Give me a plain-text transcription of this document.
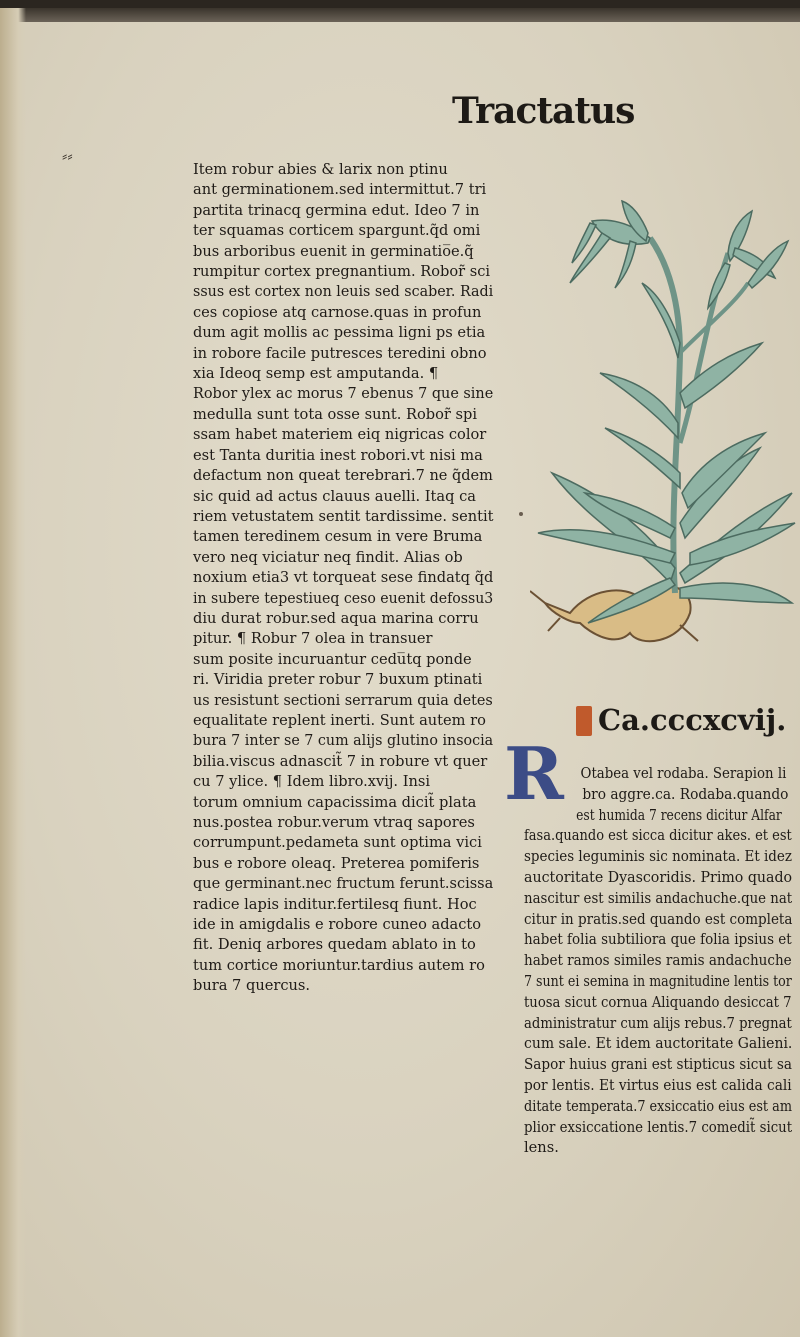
Tractatus
⸗⸗
Item robur abies & larix non ptinu
ant germinationem.sed intermittut.7 tri
partita trinacq germina edut. Ideo 7 in
ter squamas corticem spargunt.q̃d omi
bus arboribus euenit in germinatio̅e.q̃
rumpitur cortex pregnantium. Robor̃ sci
ssus est cortex non leuis sed scaber. Radi
ces copiose atq carnose.quas in profun
dum agit mollis ac pessima ligni ps etia
in robore facile putresces teredini obno
xia Ideoq semp est amputanda. ¶
Robor ylex ac morus 7 ebenus 7 que sine
medulla sunt tota osse sunt. Robor̃ spi
ssam habet materiem eiq nigricas color
est Tanta duritia inest robori.vt nisi ma
defactum non queat terebrari.7 ne q̃dem
sic quid ad actus clauus auelli. Itaq ca
riem vetustatem sentit tardissime. sentit
tamen teredinem cesum in vere Bruma
vero neq viciatur neq findit. Alias ob
noxium etia3 vt torqueat sese findatq q̃d
in subere tepestiueq ceso euenit defossu3
diu durat robur.sed aqua marina corru
pitur. ¶ Robur 7 olea in transuer
sum posite incuruantur cedu̅tq ponde
ri. Viridia preter robur 7 buxum ptinati
us resistunt sectioni serrarum quia detes
equalitate replent inerti. Sunt autem ro
bura 7 inter se 7 cum alijs glutino insocia
bilia.viscus adnascit̃ 7 in robure vt quer
cu 7 ylice. ¶ Idem libro.xvij. Insi
torum omnium capacissima dicit̃ plata
nus.postea robur.verum vtraq sapores
corrumpunt.pedameta sunt optima vici
bus e robore oleaq. Preterea pomiferis
que germinant.nec fructum ferunt.scissa
radice lapis inditur.fertilesq fiunt. Hoc
ide in amigdalis e robore cuneo adacto
fit. Deniq arbores quedam ablato in to
tum cortice moriuntur.tardius autem ro
bura 7 quercus.
Ca.cccxcvij.
R	Otabea vel rodaba. Serapion li
bro aggre.ca. Rodaba.quando
est humida 7 recens dicitur Alfar
fasa.quando est sicca dicitur akes. et est
species leguminis sic nominata. Et idez
auctoritate Dyascoridis. Primo quado
nascitur est similis andachuche.que nat
citur in pratis.sed quando est completa
habet folia subtiliora que folia ipsius et
habet ramos similes ramis andachuche
7 sunt ei semina in magnitudine lentis tor
tuosa sicut cornua Aliquando desiccat 7
administratur cum alijs rebus.7 pregnat
cum sale. Et idem auctoritate Galieni.
Sapor huius grani est stipticus sicut sa
por lentis. Et virtus eius est calida cali
ditate temperata.7 exsiccatio eius est am
plior exsiccatione lentis.7 comedit̃ sicut
lens.
